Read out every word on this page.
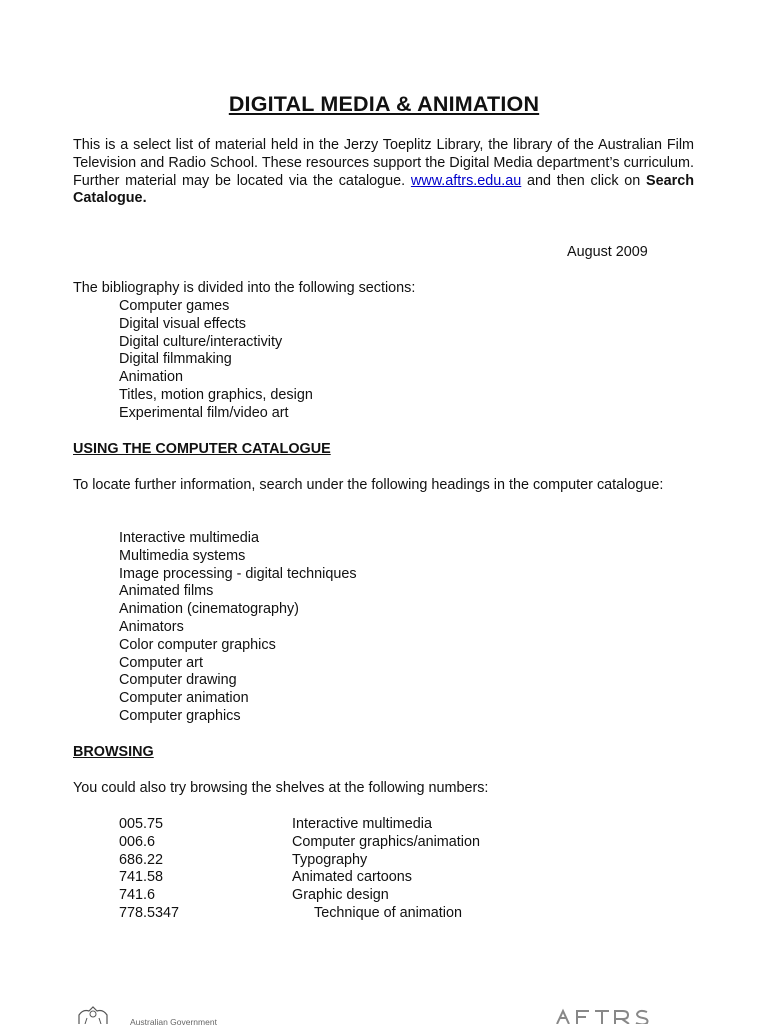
DIGITAL MEDIA & ANIMATION

This is a select list of material held in the Jerzy Toeplitz Library, the library of the Australian Film Television and Radio School. These resources support the Digital Media department’s curriculum. Further material may be located via the catalogue. www.aftrs.edu.au and then click on Search Catalogue.

August 2009

The bibliography is divided into the following sections:

Computer games
Digital visual effects
Digital culture/interactivity
Digital filmmaking
Animation
Titles, motion graphics, design
Experimental film/video art
USING THE COMPUTER CATALOGUE

To locate further information, search under the following headings in the computer catalogue:

Interactive multimedia
Multimedia systems
Image processing - digital techniques
Animated films
Animation (cinematography)
Animators
Color computer graphics
Computer art
Computer drawing
Computer animation
Computer graphics
BROWSING

You could also try browsing the shelves at the following numbers:

005.75	Interactive multimedia
006.6	Computer graphics/animation
686.22	Typography
741.58	Animated cartoons
741.6	Graphic design
778.5347	Technique of animation
Australian Government
